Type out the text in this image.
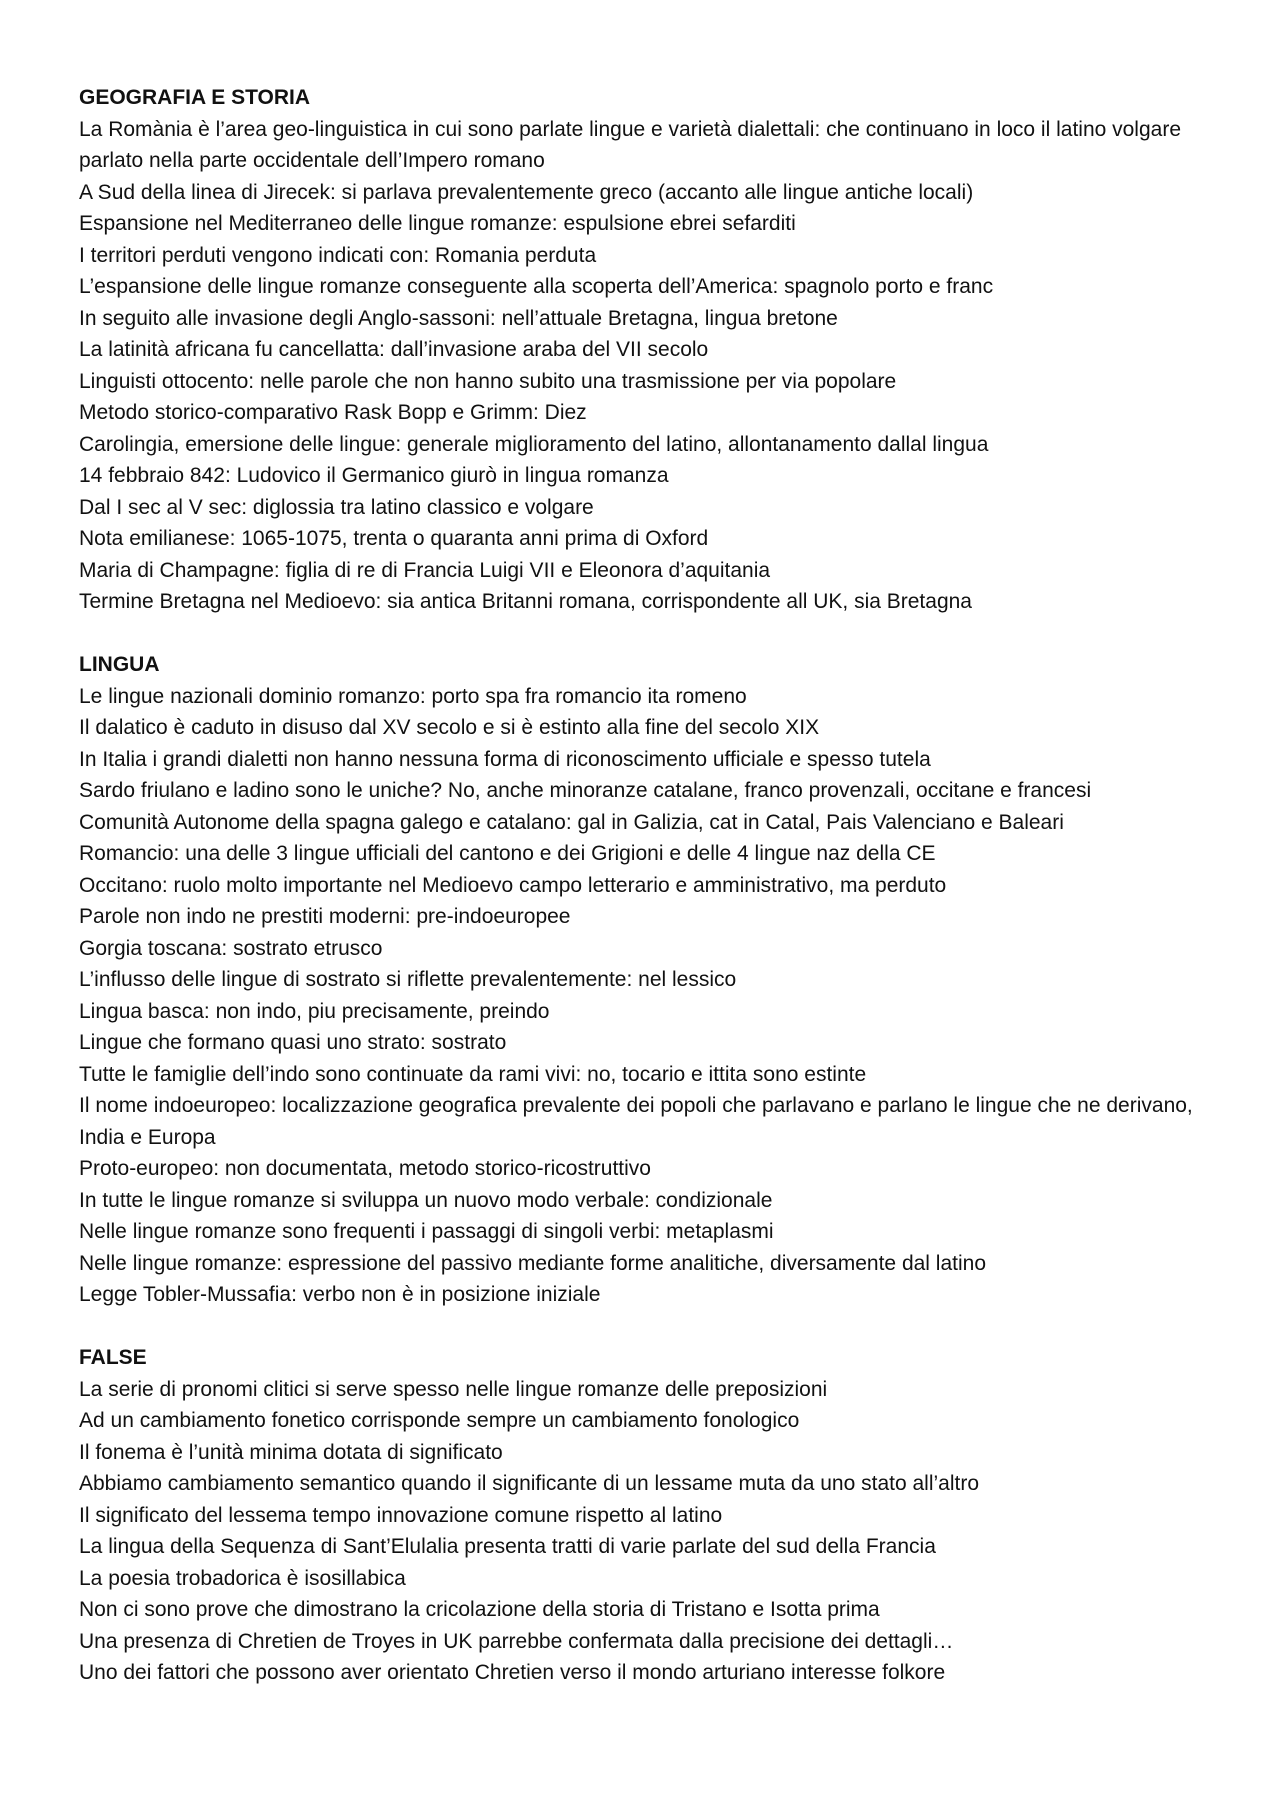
GEOGRAFIA E STORIA
La Romània è l’area geo-linguistica in cui sono parlate lingue e varietà dialettali: che continuano in loco il latino volgare parlato nella parte occidentale dell’Impero romano
A Sud della linea di Jirecek: si parlava prevalentemente greco (accanto alle lingue antiche locali)
Espansione nel Mediterraneo delle lingue romanze: espulsione ebrei sefarditi
I territori perduti vengono indicati con: Romania perduta
L’espansione delle lingue romanze conseguente alla scoperta dell’America: spagnolo porto e franc
In seguito alle invasione degli Anglo-sassoni: nell’attuale Bretagna, lingua bretone
La latinità africana fu cancellatta: dall’invasione araba del VII secolo
Linguisti ottocento: nelle parole che non hanno subito una trasmissione per via popolare
Metodo storico-comparativo Rask Bopp e Grimm: Diez
Carolingia, emersione delle lingue: generale miglioramento del latino, allontanamento dallal lingua
14 febbraio 842: Ludovico il Germanico giurò in lingua romanza
Dal I sec al V sec: diglossia tra latino classico e volgare
Nota emilianese: 1065-1075, trenta o quaranta anni prima di Oxford
Maria di Champagne: figlia di re di Francia Luigi VII e Eleonora d’aquitania
Termine Bretagna nel Medioevo: sia antica Britanni romana, corrispondente all UK, sia Bretagna
LINGUA
Le lingue nazionali dominio romanzo: porto spa fra romancio ita romeno
Il dalatico è caduto in disuso dal XV secolo e si è estinto alla fine del secolo XIX
In Italia i grandi dialetti non hanno nessuna forma di riconoscimento ufficiale e spesso tutela
Sardo friulano e ladino sono le uniche? No, anche minoranze catalane, franco provenzali, occitane e francesi
Comunità Autonome della spagna galego e catalano: gal in Galizia, cat in Catal, Pais Valenciano e Baleari
Romancio: una delle 3 lingue ufficiali del cantono e dei Grigioni e delle 4 lingue naz della CE
Occitano: ruolo molto importante nel Medioevo campo letterario e amministrativo, ma perduto
Parole non indo ne prestiti moderni: pre-indoeuropee
Gorgia toscana: sostrato etrusco
L’influsso delle lingue di sostrato si riflette prevalentemente: nel lessico
Lingua basca: non indo, piu precisamente, preindo
Lingue che formano quasi uno strato: sostrato
Tutte le famiglie dell’indo sono continuate da rami vivi: no, tocario e ittita sono estinte
Il nome indoeuropeo: localizzazione geografica prevalente dei popoli che parlavano e parlano le lingue che ne derivano, India e Europa
Proto-europeo: non documentata, metodo storico-ricostruttivo
In tutte le lingue romanze si sviluppa un nuovo modo verbale: condizionale
Nelle lingue romanze sono frequenti i passaggi di singoli verbi: metaplasmi
Nelle lingue romanze: espressione del passivo mediante forme analitiche, diversamente dal latino
Legge Tobler-Mussafia: verbo non è in posizione iniziale
FALSE
La serie di pronomi clitici si serve spesso nelle lingue romanze delle preposizioni
Ad un cambiamento fonetico corrisponde sempre un cambiamento fonologico
Il fonema è l’unità minima dotata di significato
Abbiamo cambiamento semantico quando il significante di un lessame muta da uno stato all’altro
Il significato del lessema tempo innovazione comune rispetto al latino
La lingua della Sequenza di Sant’Elulalia presenta tratti di varie parlate del sud della Francia
La poesia trobadorica è isosillabica
Non ci sono prove che dimostrano la cricolazione della storia di Tristano e Isotta prima
Una presenza di Chretien de Troyes in UK parrebbe confermata dalla precisione dei dettagli…
Uno dei fattori che possono aver orientato Chretien verso il mondo arturiano interesse folkore
